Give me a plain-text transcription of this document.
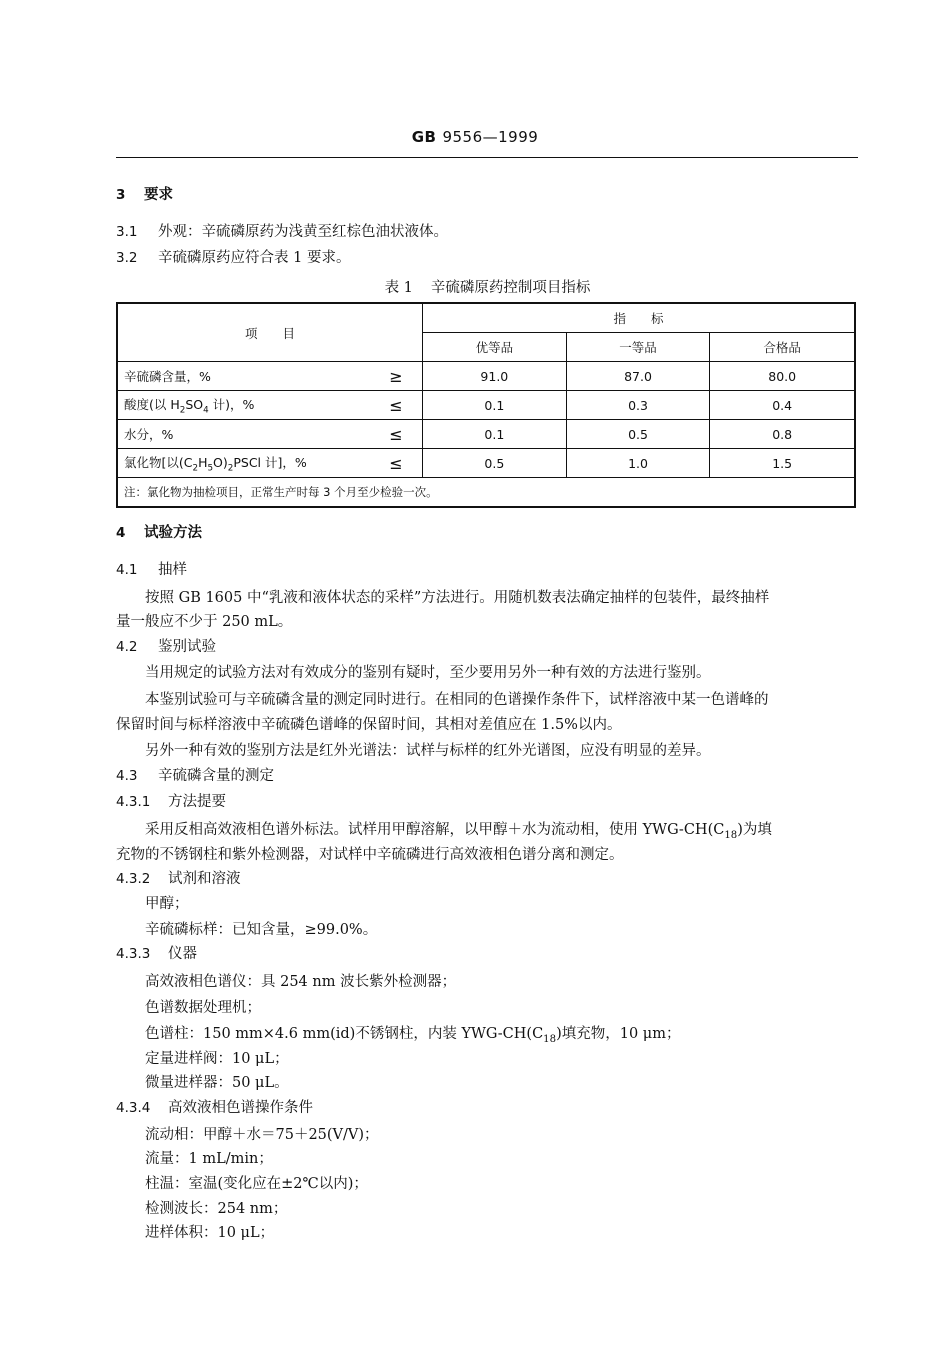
GB 9556—1999
3 要求
3.1 外观：辛硫磷原药为浅黄至红棕色油状液体。
3.2 辛硫磷原药应符合表 1 要求。
表 1 辛硫磷原药控制项目指标
项　　目		指　　标		
		优等品	一等品	合格品
辛硫磷含量，%	≥	91.0	87.0	80.0
酸度(以 $H_2SO_4$ 计)，%	≤	0.1	0.3	0.4
水分，%	≤	0.1	0.5	0.8
氯化物[以$(C_2H_5O)_2PSCl$ 计]，%	≤	0.5	1.0	1.5
注：氯化物为抽检项目，正常生产时每 3 个月至少检验一次。				
4 试验方法
4.1 抽样
按照 GB 1605 中“乳液和液体状态的采样”方法进行。用随机数表法确定抽样的包装件，最终抽样
量一般应不少于 250 mL。
4.2 鉴别试验
当用规定的试验方法对有效成分的鉴别有疑时，至少要用另外一种有效的方法进行鉴别。
本鉴别试验可与辛硫磷含量的测定同时进行。在相同的色谱操作条件下，试样溶液中某一色谱峰的
保留时间与标样溶液中辛硫磷色谱峰的保留时间，其相对差值应在 1.5%以内。
另外一种有效的鉴别方法是红外光谱法：试样与标样的红外光谱图，应没有明显的差异。
4.3 辛硫磷含量的测定
4.3.1 方法提要
采用反相高效液相色谱外标法。试样用甲醇溶解，以甲醇＋水为流动相，使用 YWG-$CH(C_{18})$为填
充物的不锈钢柱和紫外检测器，对试样中辛硫磷进行高效液相色谱分离和测定。
4.3.2 试剂和溶液
甲醇；
辛硫磷标样：已知含量，≥99.0%。
4.3.3 仪器
高效液相色谱仪：具 254 nm 波长紫外检测器；
色谱数据处理机；
色谱柱：150 mm×4.6 mm(id)不锈钢柱，内装 YWG-$CH(C_{18})$填充物，10 μm；
定量进样阀：10 μL；
微量进样器：50 μL。
4.3.4 高效液相色谱操作条件
流动相：甲醇＋水＝75＋25(V/V)；
流量：1 mL/min；
柱温：室温(变化应在±2℃以内)；
检测波长：254 nm；
进样体积：10 μL；
